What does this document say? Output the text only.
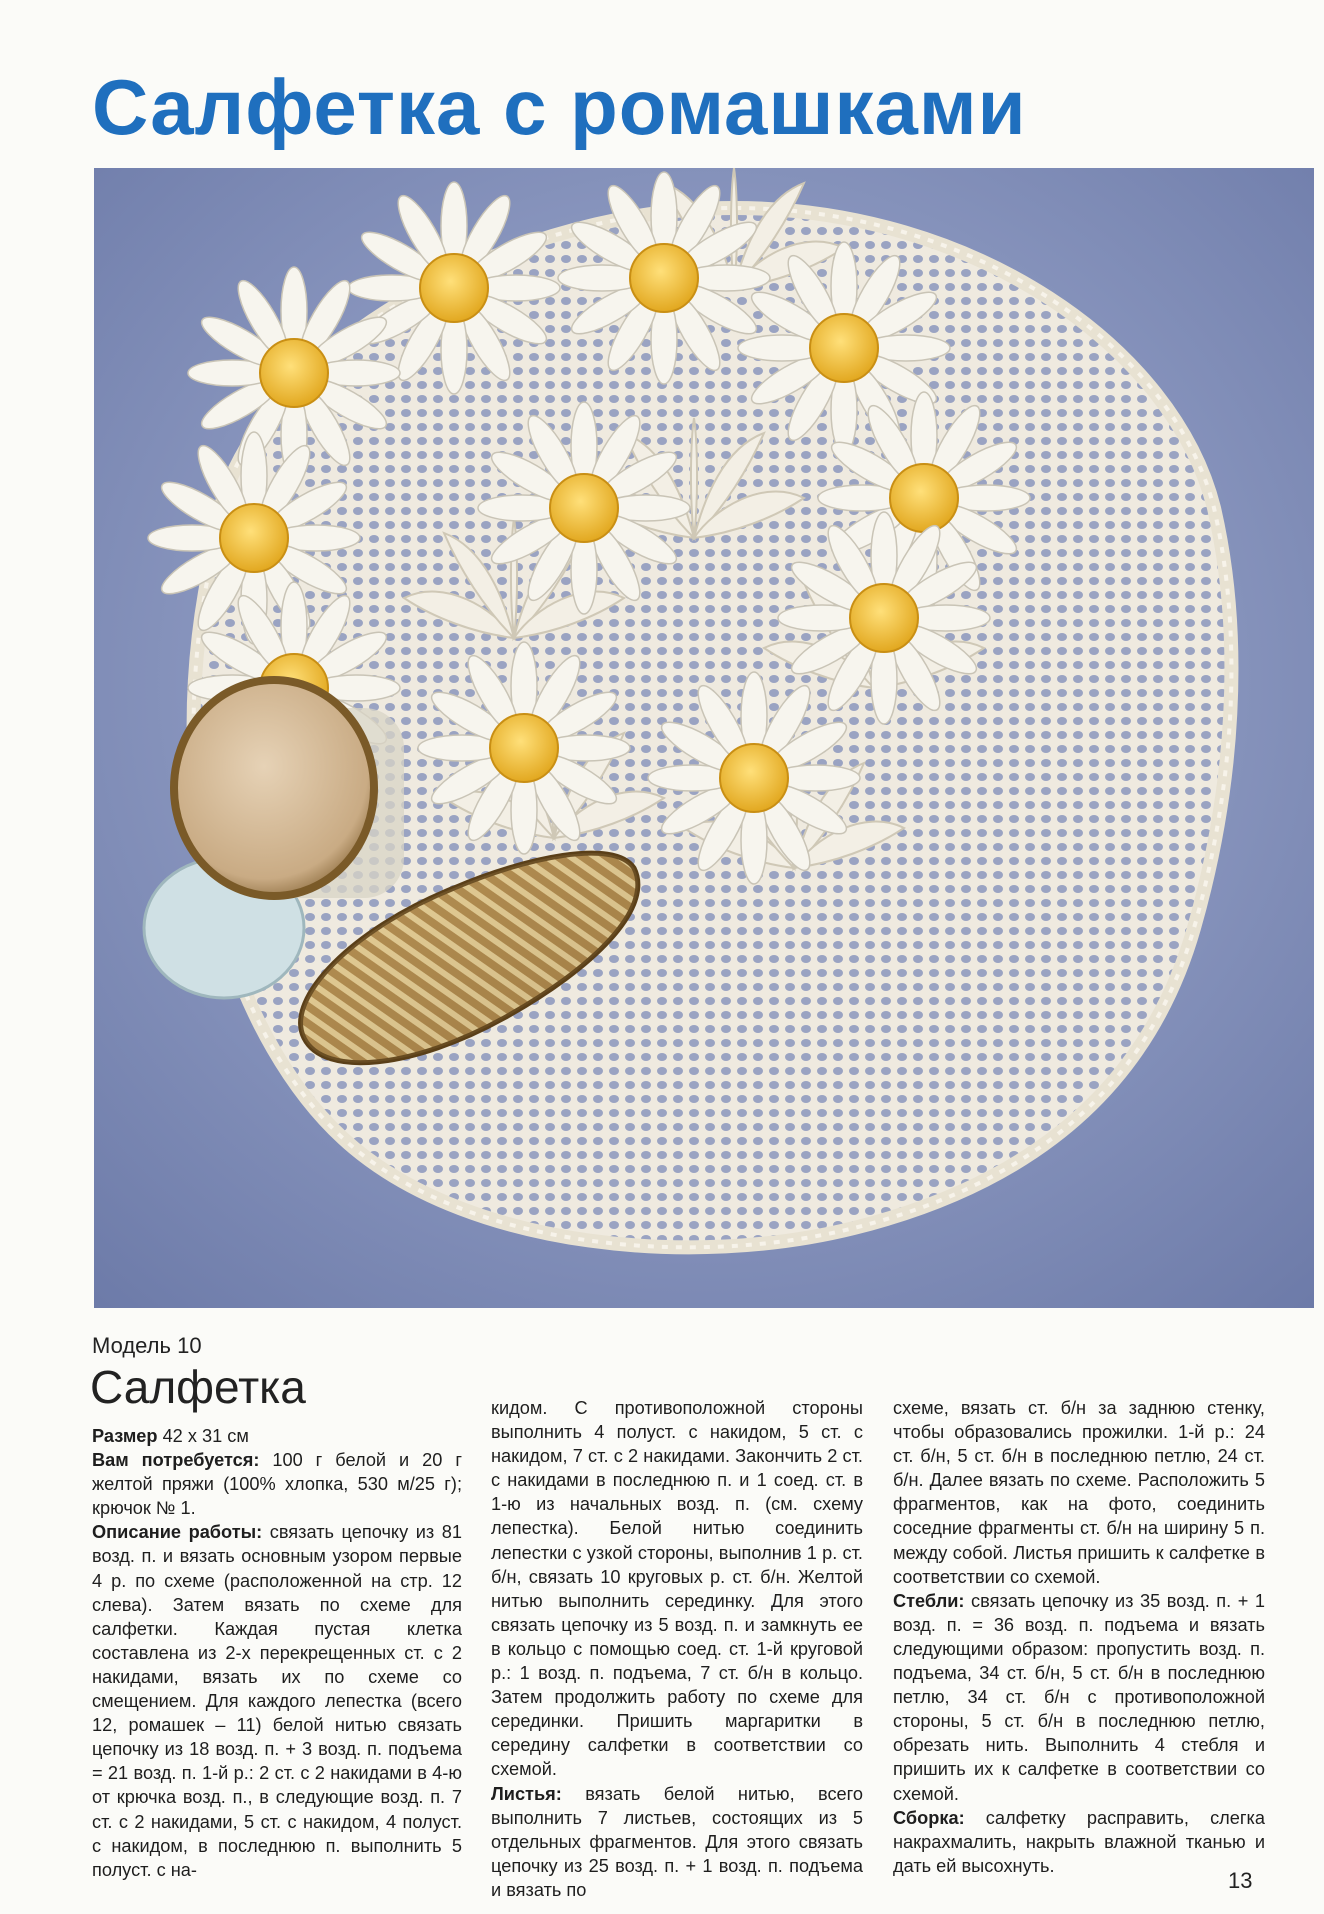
Салфетка с ромашками
Модель 10
Салфетка

Размер 42 х 31 см

Вам потребуется: 100 г белой и 20 г желтой пряжи (100% хлопка, 530 м/25 г); крючок № 1.

Описание работы: связать цепочку из 81 возд. п. и вязать основным узором первые 4 р. по схеме (расположенной на стр. 12 слева). Затем вязать по схеме для салфетки. Каждая пустая клетка составлена из 2-х перекрещенных ст. с 2 накидами, вязать их по схеме со смещением. Для каждого лепестка (всего 12, ромашек – 11) белой нитью связать цепочку из 18 возд. п. + 3 возд. п. подъема = 21 возд. п. 1-й р.: 2 ст. с 2 накидами в 4-ю от крючка возд. п., в следующие возд. п. 7 ст. с 2 накидами, 5 ст. с накидом, 4 полуст. с накидом, в последнюю п. выполнить 5 полуст. с на-

кидом. С противоположной стороны выполнить 4 полуст. с накидом, 5 ст. с накидом, 7 ст. с 2 накидами. Закончить 2 ст. с накидами в последнюю п. и 1 соед. ст. в 1-ю из начальных возд. п. (см. схему лепестка). Белой нитью соединить лепестки с узкой стороны, выполнив 1 р. ст. б/н, связать 10 круговых р. ст. б/н. Желтой нитью выполнить серединку. Для этого связать цепочку из 5 возд. п. и замкнуть ее в кольцо с помощью соед. ст. 1-й круговой р.: 1 возд. п. подъема, 7 ст. б/н в кольцо. Затем продолжить работу по схеме для серединки. Пришить маргаритки в середину салфетки в соответствии со схемой.

Листья: вязать белой нитью, всего выполнить 7 листьев, состоящих из 5 отдельных фрагментов. Для этого связать цепочку из 25 возд. п. + 1 возд. п. подъема и вязать по

схеме, вязать ст. б/н за заднюю стенку, чтобы образовались прожилки. 1-й р.: 24 ст. б/н, 5 ст. б/н в последнюю петлю, 24 ст. б/н. Далее вязать по схеме. Расположить 5 фрагментов, как на фото, соединить соседние фрагменты ст. б/н на ширину 5 п. между собой. Листья пришить к салфетке в соответствии со схемой.

Стебли: связать цепочку из 35 возд. п. + 1 возд. п. = 36 возд. п. подъема и вязать следующими образом: пропустить возд. п. подъема, 34 ст. б/н, 5 ст. б/н в последнюю петлю, 34 ст. б/н с противоположной стороны, 5 ст. б/н в последнюю петлю, обрезать нить. Выполнить 4 стебля и пришить их к салфетке в соответствии со схемой.

Сборка: салфетку расправить, слегка накрахмалить, накрыть влажной тканью и дать ей высохнуть.

13
